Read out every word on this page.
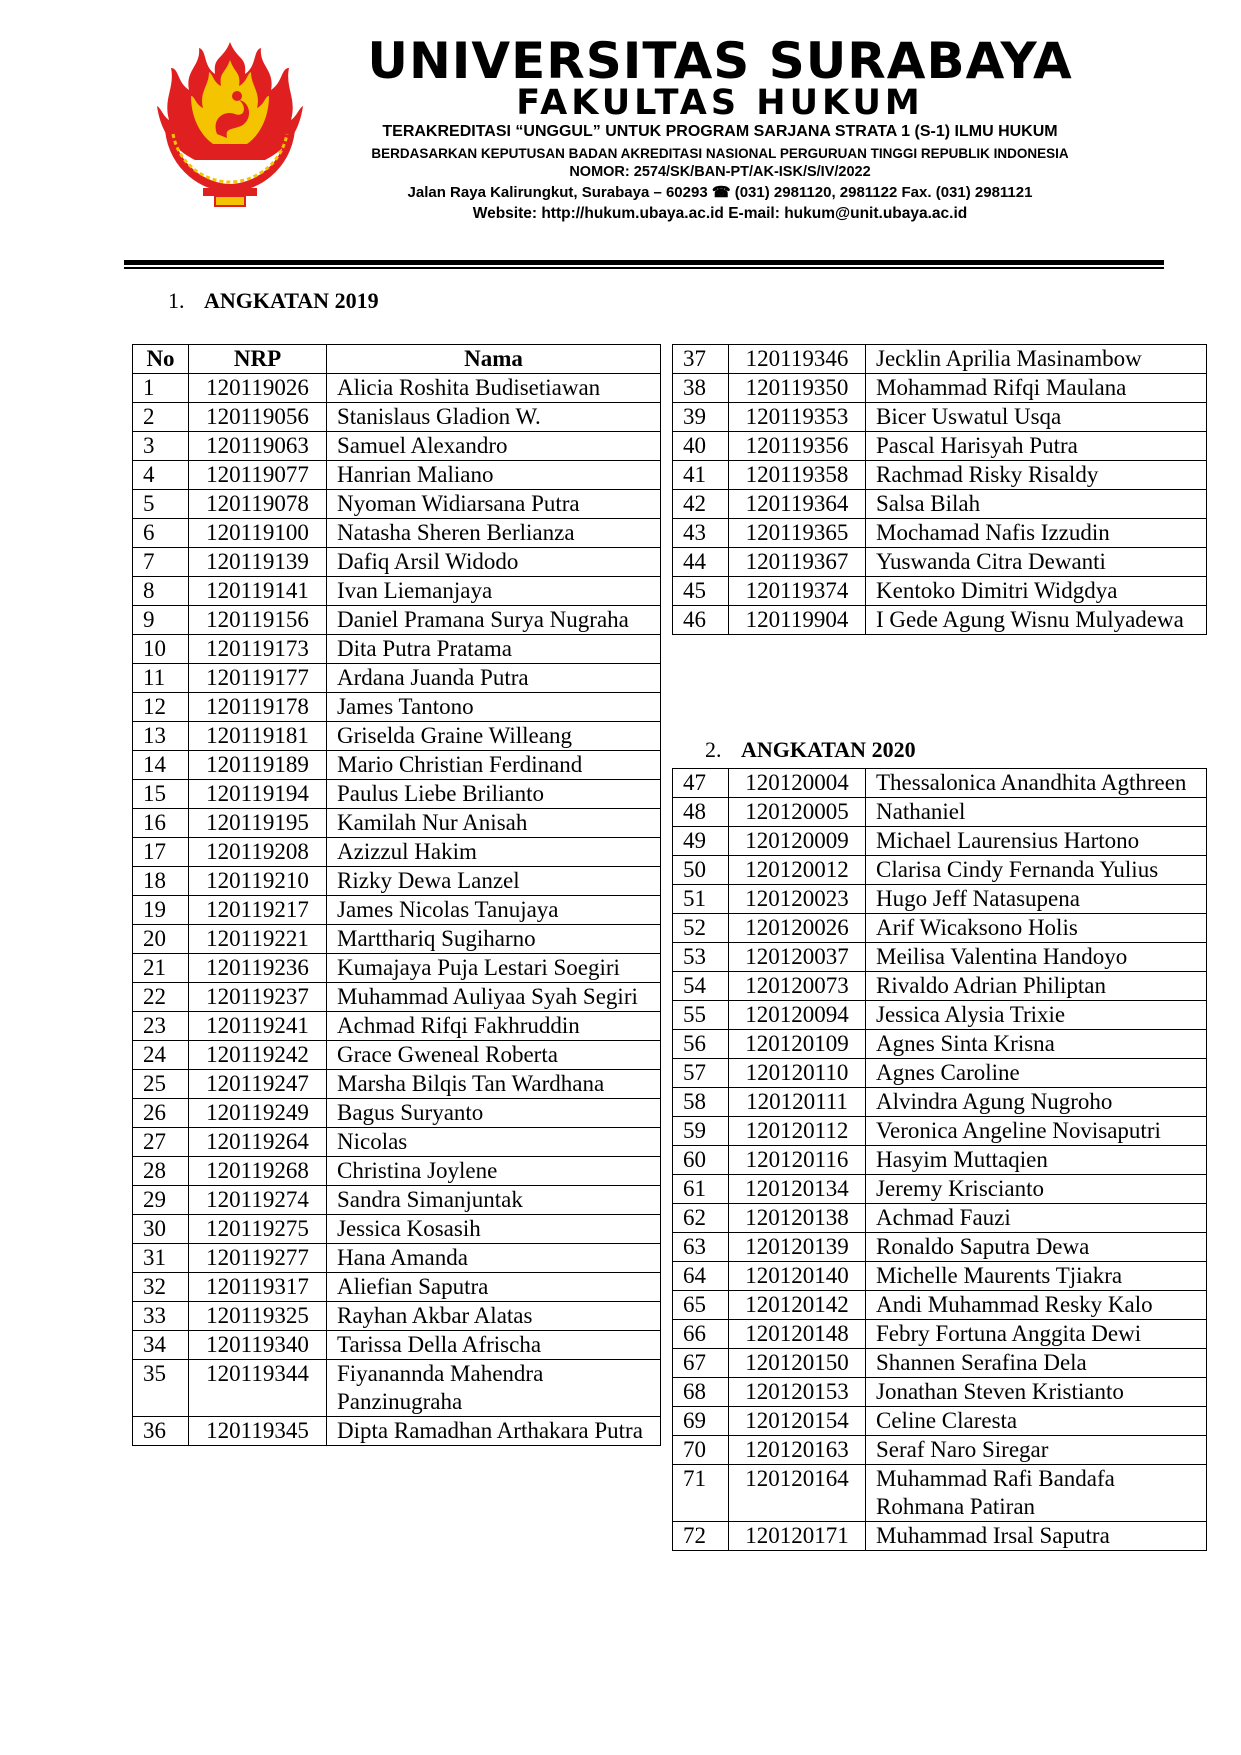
UNIVERSITAS SURABAYA
FAKULTAS HUKUM
TERAKREDITASI “UNGGUL” UNTUK PROGRAM SARJANA STRATA 1 (S-1) ILMU HUKUM
BERDASARKAN KEPUTUSAN BADAN AKREDITASI NASIONAL PERGURUAN TINGGI REPUBLIK INDONESIA
NOMOR: 2574/SK/BAN-PT/AK-ISK/S/IV/2022
Jalan Raya Kalirungkut, Surabaya – 60293 ☎ (031) 2981120, 2981122 Fax. (031) 2981121
Website: http://hukum.ubaya.ac.id E-mail: hukum@unit.ubaya.ac.id
1. ANGKATAN 2019
No	NRP	Nama
1	120119026	Alicia Roshita Budisetiawan
2	120119056	Stanislaus Gladion W.
3	120119063	Samuel Alexandro
4	120119077	Hanrian Maliano
5	120119078	Nyoman Widiarsana Putra
6	120119100	Natasha Sheren Berlianza
7	120119139	Dafiq Arsil Widodo
8	120119141	Ivan Liemanjaya
9	120119156	Daniel Pramana Surya Nugraha
10	120119173	Dita Putra Pratama
11	120119177	Ardana Juanda Putra
12	120119178	James Tantono
13	120119181	Griselda Graine Willeang
14	120119189	Mario Christian Ferdinand
15	120119194	Paulus Liebe Brilianto
16	120119195	Kamilah Nur Anisah
17	120119208	Azizzul Hakim
18	120119210	Rizky Dewa Lanzel
19	120119217	James Nicolas Tanujaya
20	120119221	Martthariq Sugiharno
21	120119236	Kumajaya Puja Lestari Soegiri
22	120119237	Muhammad Auliyaa Syah Segiri
23	120119241	Achmad Rifqi Fakhruddin
24	120119242	Grace Gweneal Roberta
25	120119247	Marsha Bilqis Tan Wardhana
26	120119249	Bagus Suryanto
27	120119264	Nicolas
28	120119268	Christina Joylene
29	120119274	Sandra Simanjuntak
30	120119275	Jessica Kosasih
31	120119277	Hana Amanda
32	120119317	Aliefian Saputra
33	120119325	Rayhan Akbar Alatas
34	120119340	Tarissa Della Afrischa
35	120119344	Fiyanannda Mahendra Panzinugraha
36	120119345	Dipta Ramadhan Arthakara Putra
37	120119346	Jecklin Aprilia Masinambow
38	120119350	Mohammad Rifqi Maulana
39	120119353	Bicer Uswatul Usqa
40	120119356	Pascal Harisyah Putra
41	120119358	Rachmad Risky Risaldy
42	120119364	Salsa Bilah
43	120119365	Mochamad Nafis Izzudin
44	120119367	Yuswanda Citra Dewanti
45	120119374	Kentoko Dimitri Widgdya
46	120119904	I Gede Agung Wisnu Mulyadewa
2. ANGKATAN 2020
47	120120004	Thessalonica Anandhita Agthreen
48	120120005	Nathaniel
49	120120009	Michael Laurensius Hartono
50	120120012	Clarisa Cindy Fernanda Yulius
51	120120023	Hugo Jeff Natasupena
52	120120026	Arif Wicaksono Holis
53	120120037	Meilisa Valentina Handoyo
54	120120073	Rivaldo Adrian Philiptan
55	120120094	Jessica Alysia Trixie
56	120120109	Agnes Sinta Krisna
57	120120110	Agnes Caroline
58	120120111	Alvindra Agung Nugroho
59	120120112	Veronica Angeline Novisaputri
60	120120116	Hasyim Muttaqien
61	120120134	Jeremy Kriscianto
62	120120138	Achmad Fauzi
63	120120139	Ronaldo Saputra Dewa
64	120120140	Michelle Maurents Tjiakra
65	120120142	Andi Muhammad Resky Kalo
66	120120148	Febry Fortuna Anggita Dewi
67	120120150	Shannen Serafina Dela
68	120120153	Jonathan Steven Kristianto
69	120120154	Celine Claresta
70	120120163	Seraf Naro Siregar
71	120120164	Muhammad Rafi Bandafa Rohmana Patiran
72	120120171	Muhammad Irsal Saputra
